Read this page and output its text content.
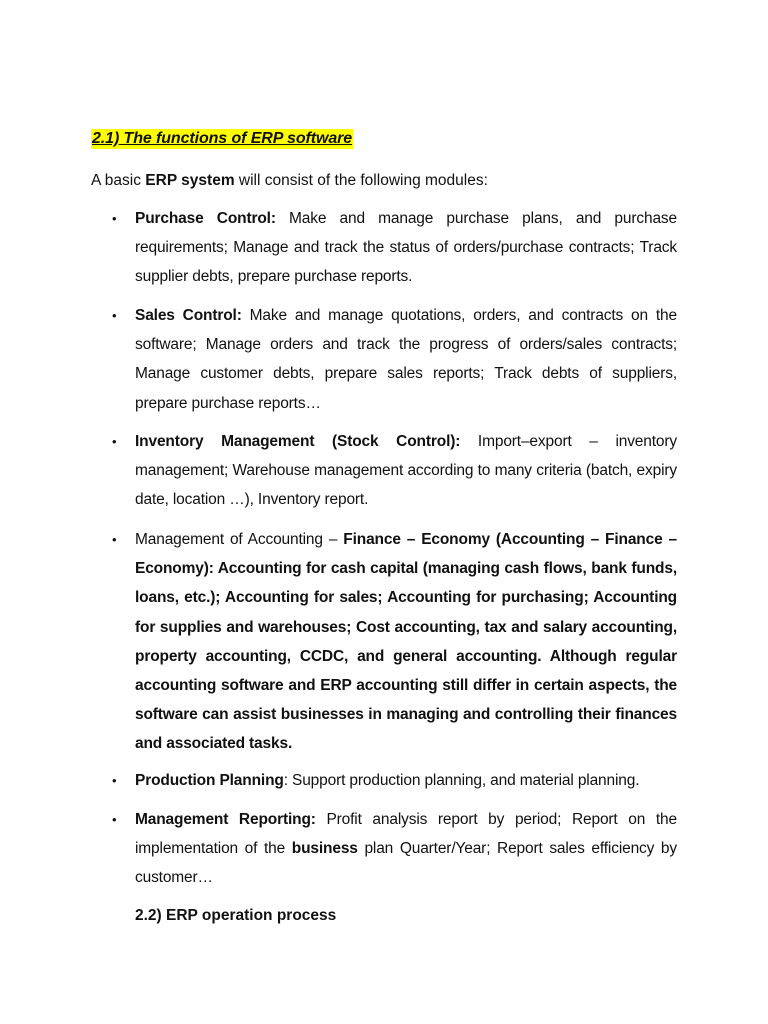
2.1) The functions of ERP software
A basic ERP system will consist of the following modules:
• Purchase Control: Make and manage purchase plans, and purchase requirements; Manage and track the status of orders/purchase contracts; Track supplier debts, prepare purchase reports.
• Sales Control: Make and manage quotations, orders, and contracts on the software; Manage orders and track the progress of orders/sales contracts; Manage customer debts, prepare sales reports; Track debts of suppliers, prepare purchase reports…
• Inventory Management (Stock Control): Import–export – inventory management; Warehouse management according to many criteria (batch, expiry date, location …), Inventory report.
• Management of Accounting – Finance – Economy (Accounting – Finance – Economy): Accounting for cash capital (managing cash flows, bank funds, loans, etc.); Accounting for sales; Accounting for purchasing; Accounting for supplies and warehouses; Cost accounting, tax and salary accounting, property accounting, CCDC, and general accounting. Although regular accounting software and ERP accounting still differ in certain aspects, the software can assist businesses in managing and controlling their finances and associated tasks.
• Production Planning: Support production planning, and material planning.
• Management Reporting: Profit analysis report by period; Report on the implementation of the business plan Quarter/Year; Report sales efficiency by customer…
2.2) ERP operation process
